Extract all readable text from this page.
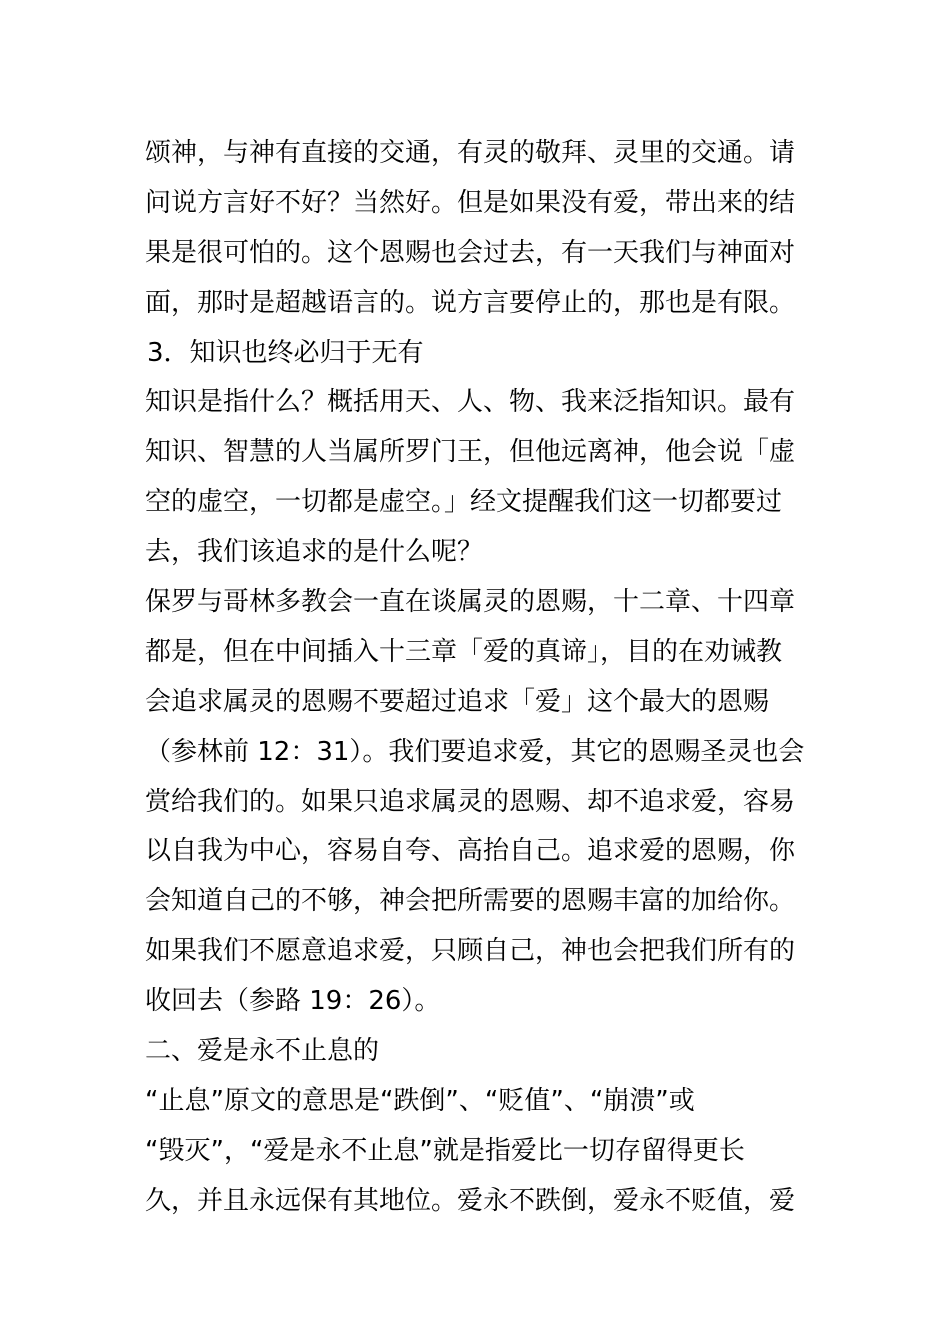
颂神，与神有直接的交通，有灵的敬拜、灵里的交通。请
问说方言好不好？当然好。但是如果没有爱，带出来的结
果是很可怕的。这个恩赐也会过去，有一天我们与神面对
面，那时是超越语言的。说方言要停止的，那也是有限。
3．知识也终必归于无有
知识是指什么？概括用天、人、物、我来泛指知识。最有
知识、智慧的人当属所罗门王，但他远离神，他会说「虚
空的虚空，一切都是虚空。」经文提醒我们这一切都要过
去，我们该追求的是什么呢？
保罗与哥林多教会一直在谈属灵的恩赐，十二章、十四章
都是，但在中间插入十三章「爱的真谛」，目的在劝诫教
会追求属灵的恩赐不要超过追求「爱」这个最大的恩赐
（参林前 12：31）。我们要追求爱，其它的恩赐圣灵也会
赏给我们的。如果只追求属灵的恩赐、却不追求爱，容易
以自我为中心，容易自夸、高抬自己。追求爱的恩赐，你
会知道自己的不够，神会把所需要的恩赐丰富的加给你。
如果我们不愿意追求爱，只顾自己，神也会把我们所有的
收回去（参路 19：26）。
二、爱是永不止息的
“止息”原文的意思是“跌倒”、“贬值”、“崩溃”或
“毁灭”，“爱是永不止息”就是指爱比一切存留得更长
久，并且永远保有其地位。爱永不跌倒，爱永不贬值，爱
